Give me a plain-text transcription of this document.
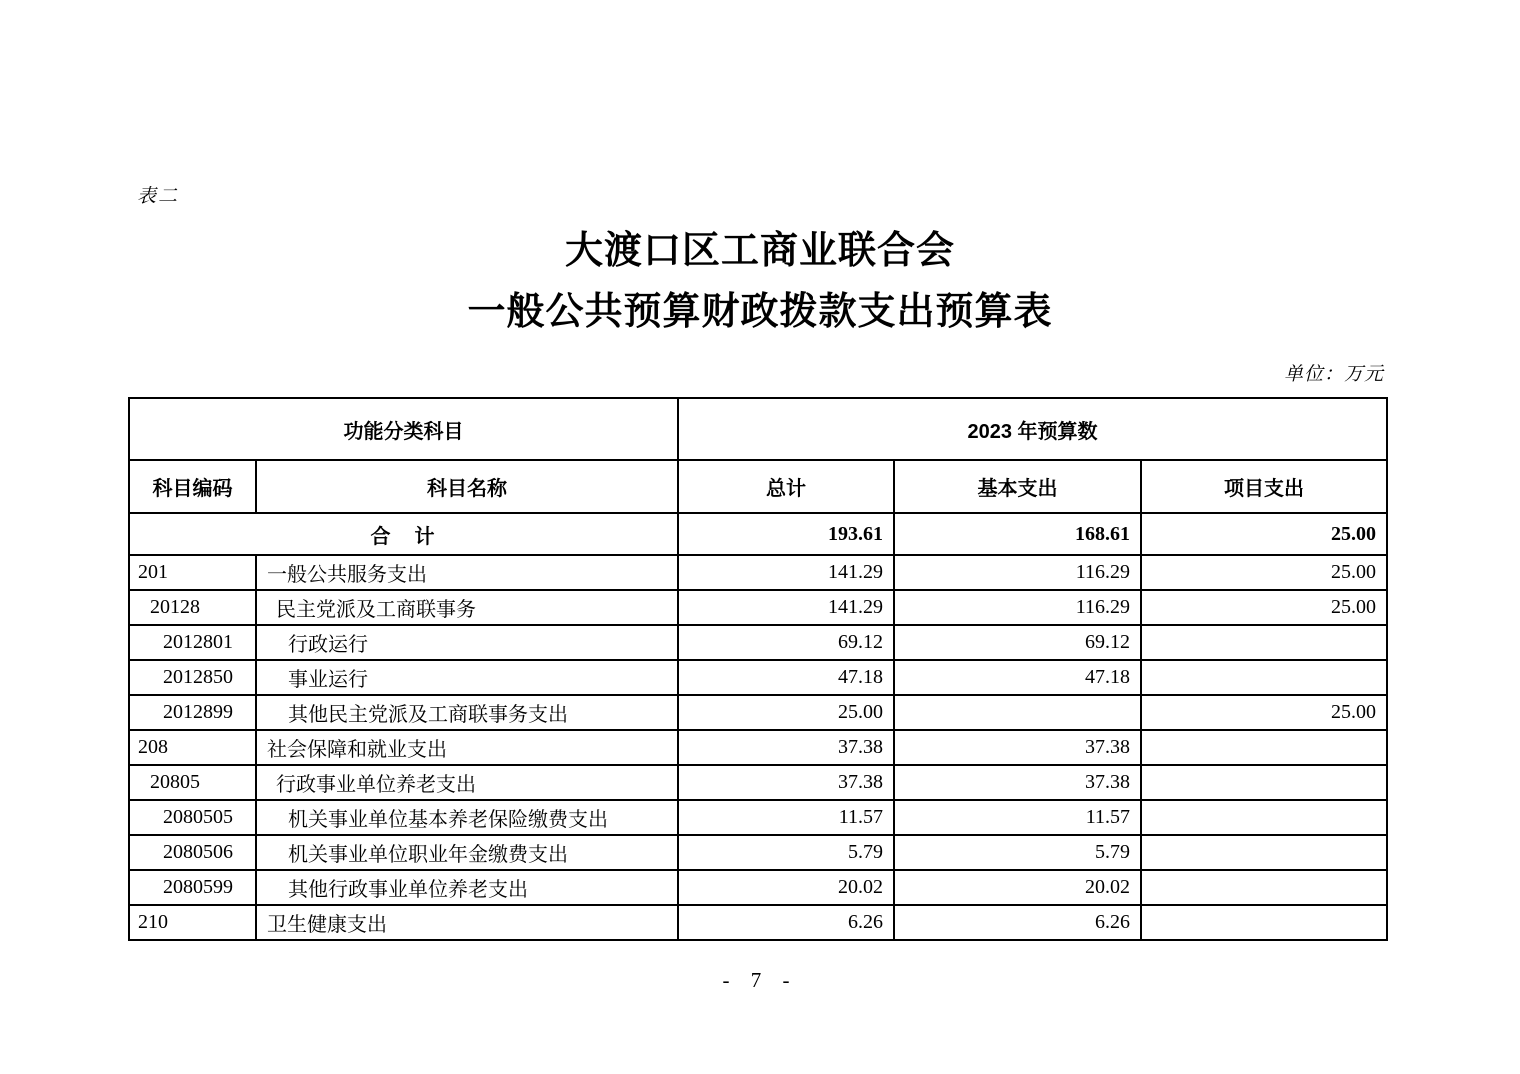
表二
大渡口区工商业联合会
一般公共预算财政拨款支出预算表
单位：万元
功能分类科目		2023 年预算数		
科目编码	科目名称	总计	基本支出	项目支出
合　计		193.61	168.61	25.00
201	一般公共服务支出	141.29	116.29	25.00
20128	民主党派及工商联事务	141.29	116.29	25.00
2012801	行政运行	69.12	69.12	
2012850	事业运行	47.18	47.18	
2012899	其他民主党派及工商联事务支出	25.00		25.00
208	社会保障和就业支出	37.38	37.38	
20805	行政事业单位养老支出	37.38	37.38	
2080505	机关事业单位基本养老保险缴费支出	11.57	11.57	
2080506	机关事业单位职业年金缴费支出	5.79	5.79	
2080599	其他行政事业单位养老支出	20.02	20.02	
210	卫生健康支出	6.26	6.26	
- 7 -
